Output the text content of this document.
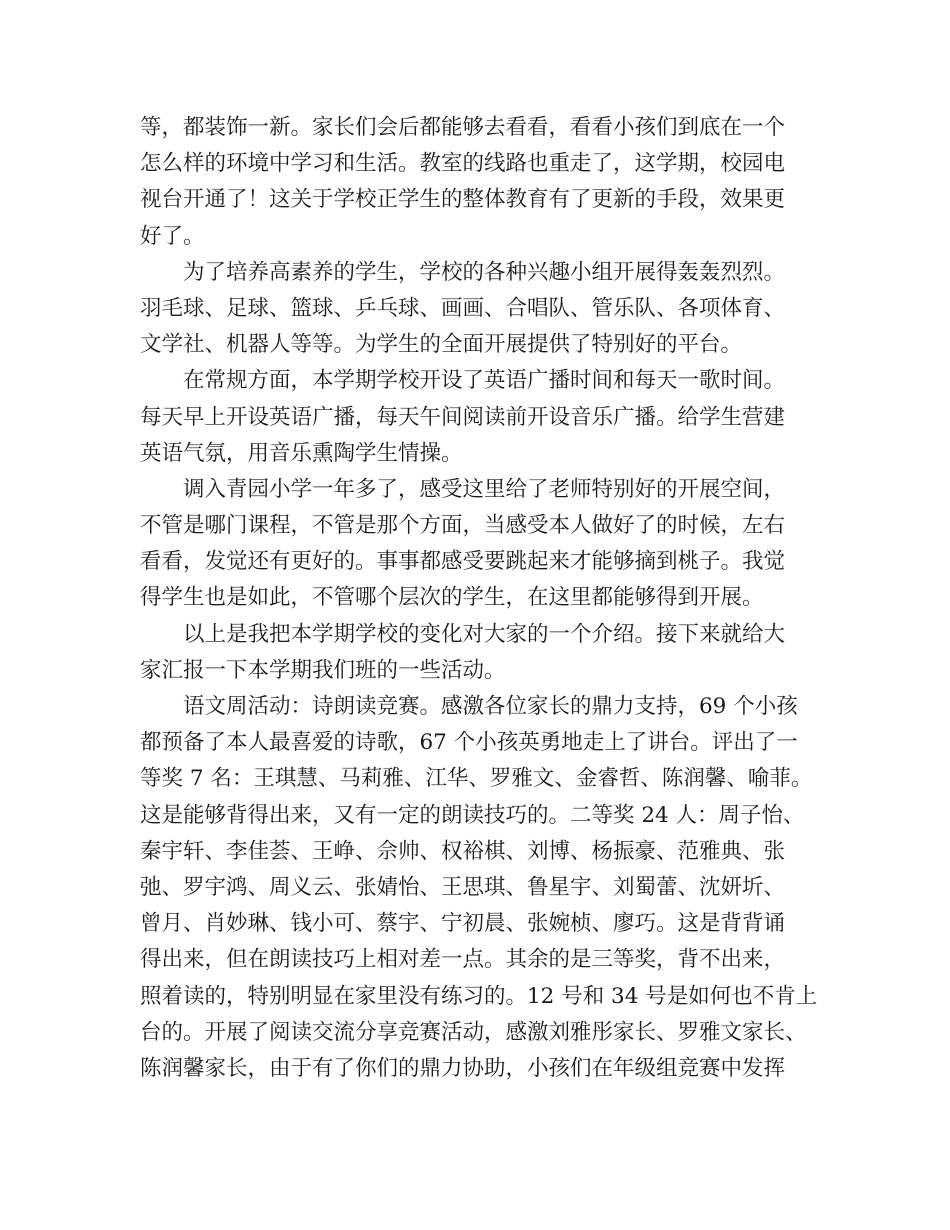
等，都装饰一新。家长们会后都能够去看看，看看小孩们到底在一个
怎么样的环境中学习和生活。教室的线路也重走了，这学期，校园电
视台开通了！这关于学校正学生的整体教育有了更新的手段，效果更
好了。
　　为了培养高素养的学生，学校的各种兴趣小组开展得轰轰烈烈。
羽毛球、足球、篮球、乒乓球、画画、合唱队、管乐队、各项体育、
文学社、机器人等等。为学生的全面开展提供了特别好的平台。
　　在常规方面，本学期学校开设了英语广播时间和每天一歌时间。
每天早上开设英语广播，每天午间阅读前开设音乐广播。给学生营建
英语气氛，用音乐熏陶学生情操。
　　调入青园小学一年多了，感受这里给了老师特别好的开展空间，
不管是哪门课程，不管是那个方面，当感受本人做好了的时候，左右
看看，发觉还有更好的。事事都感受要跳起来才能够摘到桃子。我觉
得学生也是如此，不管哪个层次的学生，在这里都能够得到开展。
　　以上是我把本学期学校的变化对大家的一个介绍。接下来就给大
家汇报一下本学期我们班的一些活动。
　　语文周活动：诗朗读竞赛。感激各位家长的鼎力支持，69 个小孩
都预备了本人最喜爱的诗歌，67 个小孩英勇地走上了讲台。评出了一
等奖 7 名：王琪慧、马莉雅、江华、罗雅文、金睿哲、陈润馨、喻菲。
这是能够背得出来，又有一定的朗读技巧的。二等奖 24 人：周子怡、
秦宇轩、李佳荟、王峥、佘帅、权裕棋、刘博、杨振豪、范雅典、张
弛、罗宇鸿、周义云、张婧怡、王思琪、鲁星宇、刘蜀蕾、沈妍圻、
曾月、肖妙琳、钱小可、蔡宇、宁初晨、张婉桢、廖巧。这是背背诵
得出来，但在朗读技巧上相对差一点。其余的是三等奖，背不出来，
照着读的，特别明显在家里没有练习的。12 号和 34 号是如何也不肯上
台的。开展了阅读交流分享竞赛活动，感激刘雅彤家长、罗雅文家长、
陈润馨家长，由于有了你们的鼎力协助，小孩们在年级组竞赛中发挥
